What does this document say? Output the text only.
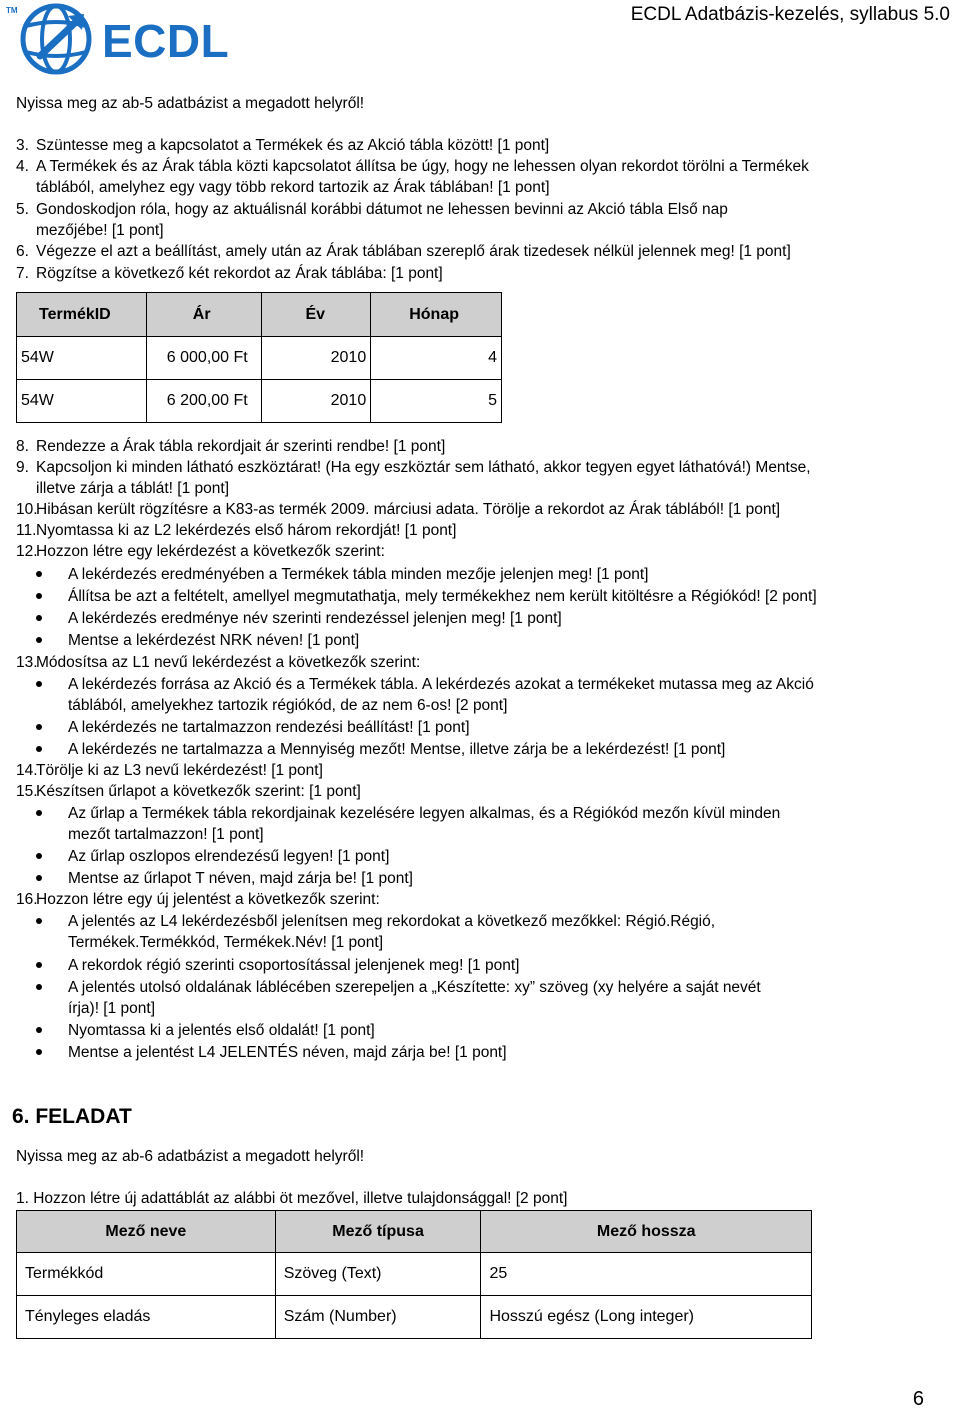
TM
ECDL
ECDL Adatbázis-kezelés, syllabus 5.0
Nyissa meg az ab-5 adatbázist a megadott helyről!
3. Szüntesse meg a kapcsolatot a Termékek és az Akció tábla között! [1 pont]
4. A Termékek és az Árak tábla közti kapcsolatot állítsa be úgy, hogy ne lehessen olyan rekordot törölni a Termékek
táblából, amelyhez egy vagy több rekord tartozik az Árak táblában! [1 pont]
5. Gondoskodjon róla, hogy az aktuálisnál korábbi dátumot ne lehessen bevinni az Akció tábla Első nap
mezőjébe! [1 pont]
6. Végezze el azt a beállítást, amely után az Árak táblában szereplő árak tizedesek nélkül jelennek meg! [1 pont]
7. Rögzítse a következő két rekordot az Árak táblába: [1 pont]
TermékID	Ár	Év	Hónap
54W	6 000,00 Ft	2010	4
54W	6 200,00 Ft	2010	5
8. Rendezze a Árak tábla rekordjait ár szerinti rendbe! [1 pont]
9. Kapcsoljon ki minden látható eszköztárat! (Ha egy eszköztár sem látható, akkor tegyen egyet láthatóvá!) Mentse,
illetve zárja a táblát! [1 pont]
10.
Hibásan került rögzítésre a K83-as termék 2009. márciusi adata. Törölje a rekordot az Árak táblából! [1 pont]
11. Nyomtassa ki az L2 lekérdezés első három rekordját! [1 pont]
12.
Hozzon létre egy lekérdezést a következők szerint:
A lekérdezés eredményében a Termékek tábla minden mezője jelenjen meg! [1 pont]
Állítsa be azt a feltételt, amellyel megmutathatja, mely termékekhez nem került kitöltésre a Régiókód! [2 pont]
A lekérdezés eredménye név szerinti rendezéssel jelenjen meg! [1 pont]
Mentse a lekérdezést NRK néven! [1 pont]
13.
Módosítsa az L1 nevű lekérdezést a következők szerint:
A lekérdezés forrása az Akció és a Termékek tábla. A lekérdezés azokat a termékeket mutassa meg az Akció
táblából, amelyekhez tartozik régiókód, de az nem 6-os! [2 pont]
A lekérdezés ne tartalmazzon rendezési beállítást! [1 pont]
A lekérdezés ne tartalmazza a Mennyiség mezőt! Mentse, illetve zárja be a lekérdezést! [1 pont]
14.
Törölje ki az L3 nevű lekérdezést! [1 pont]
15.
Készítsen űrlapot a következők szerint: [1 pont]
Az űrlap a Termékek tábla rekordjainak kezelésére legyen alkalmas, és a Régiókód mezőn kívül minden
mezőt tartalmazzon! [1 pont]
Az űrlap oszlopos elrendezésű legyen! [1 pont]
Mentse az űrlapot T néven, majd zárja be! [1 pont]
16.
Hozzon létre egy új jelentést a következők szerint:
A jelentés az L4 lekérdezésből jelenítsen meg rekordokat a következő mezőkkel: Régió.Régió,
Termékek.Termékkód, Termékek.Név! [1 pont]
A rekordok régió szerinti csoportosítással jelenjenek meg! [1 pont]
A jelentés utolsó oldalának láblécében szerepeljen a „Készítette: xy” szöveg (xy helyére a saját nevét
írja)! [1 pont]
Nyomtassa ki a jelentés első oldalát! [1 pont]
Mentse a jelentést L4 JELENTÉS néven, majd zárja be! [1 pont]
6. FELADAT
Nyissa meg az ab-6 adatbázist a megadott helyről!
1. Hozzon létre új adattáblát az alábbi öt mezővel, illetve tulajdonsággal! [2 pont]
Mező neve	Mező típusa	Mező hossza
Termékkód	Szöveg (Text)	25
Tényleges eladás	Szám (Number)	Hosszú egész (Long integer)
6
